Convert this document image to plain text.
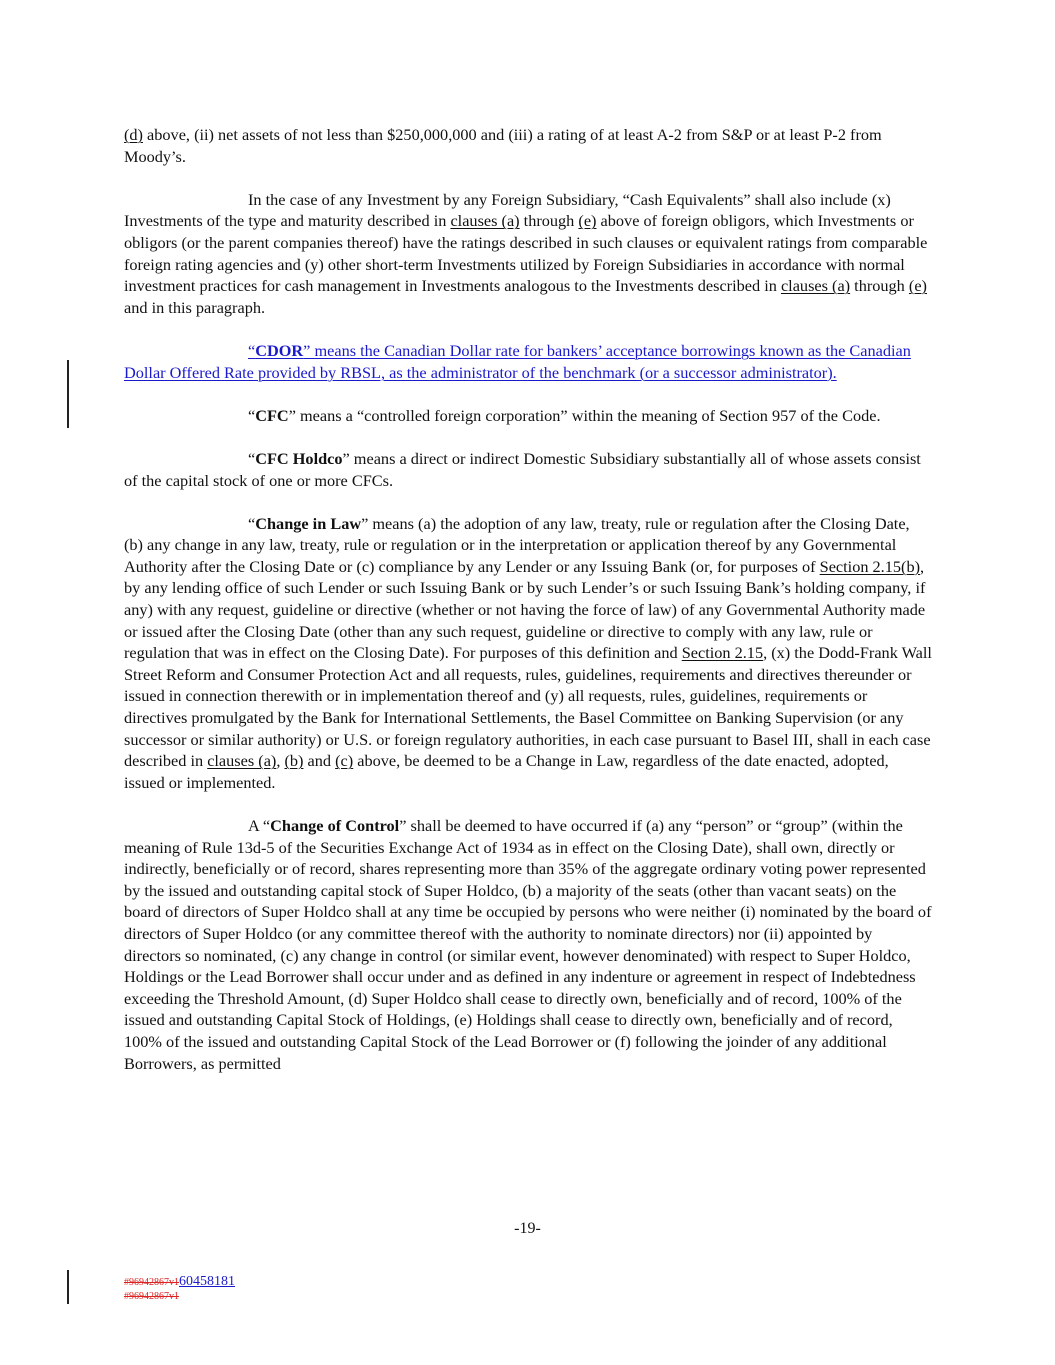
(d) above, (ii) net assets of not less than $250,000,000 and (iii) a rating of at least A-2 from S&P or at least P-2 from Moody’s.

In the case of any Investment by any Foreign Subsidiary, “Cash Equivalents” shall also include (x) Investments of the type and maturity described in clauses (a) through (e) above of foreign obligors, which Investments or obligors (or the parent companies thereof) have the ratings described in such clauses or equivalent ratings from comparable foreign rating agencies and (y) other short-term Investments utilized by Foreign Subsidiaries in accordance with normal investment practices for cash management in Investments analogous to the Investments described in clauses (a) through (e) and in this paragraph.

“CDOR” means the Canadian Dollar rate for bankers’ acceptance borrowings known as the Canadian Dollar Offered Rate provided by RBSL, as the administrator of the benchmark (or a successor administrator).

“CFC” means a “controlled foreign corporation” within the meaning of Section 957 of the Code.

“CFC Holdco” means a direct or indirect Domestic Subsidiary substantially all of whose assets consist of the capital stock of one or more CFCs.

“Change in Law” means (a) the adoption of any law, treaty, rule or regulation after the Closing Date, (b) any change in any law, treaty, rule or regulation or in the interpretation or application thereof by any Governmental Authority after the Closing Date or (c) compliance by any Lender or any Issuing Bank (or, for purposes of Section 2.15(b), by any lending office of such Lender or such Issuing Bank or by such Lender’s or such Issuing Bank’s holding company, if any) with any request, guideline or directive (whether or not having the force of law) of any Governmental Authority made or issued after the Closing Date (other than any such request, guideline or directive to comply with any law, rule or regulation that was in effect on the Closing Date). For purposes of this definition and Section 2.15, (x) the Dodd-Frank Wall Street Reform and Consumer Protection Act and all requests, rules, guidelines, requirements and directives thereunder or issued in connection therewith or in implementation thereof and (y) all requests, rules, guidelines, requirements or directives promulgated by the Bank for International Settlements, the Basel Committee on Banking Supervision (or any successor or similar authority) or U.S. or foreign regulatory authorities, in each case pursuant to Basel III, shall in each case described in clauses (a), (b) and (c) above, be deemed to be a Change in Law, regardless of the date enacted, adopted, issued or implemented.

A “Change of Control” shall be deemed to have occurred if (a) any “person” or “group” (within the meaning of Rule 13d-5 of the Securities Exchange Act of 1934 as in effect on the Closing Date), shall own, directly or indirectly, beneficially or of record, shares representing more than 35% of the aggregate ordinary voting power represented by the issued and outstanding capital stock of Super Holdco, (b) a majority of the seats (other than vacant seats) on the board of directors of Super Holdco shall at any time be occupied by persons who were neither (i) nominated by the board of directors of Super Holdco (or any committee thereof with the authority to nominate directors) nor (ii) appointed by directors so nominated, (c) any change in control (or similar event, however denominated) with respect to Super Holdco, Holdings or the Lead Borrower shall occur under and as defined in any indenture or agreement in respect of Indebtedness exceeding the Threshold Amount, (d) Super Holdco shall cease to directly own, beneficially and of record, 100% of the issued and outstanding Capital Stock of Holdings, (e) Holdings shall cease to directly own, beneficially and of record, 100% of the issued and outstanding Capital Stock of the Lead Borrower or (f) following the joinder of any additional Borrowers, as permitted

-19-
#96942867v160458181
#96942867v1
